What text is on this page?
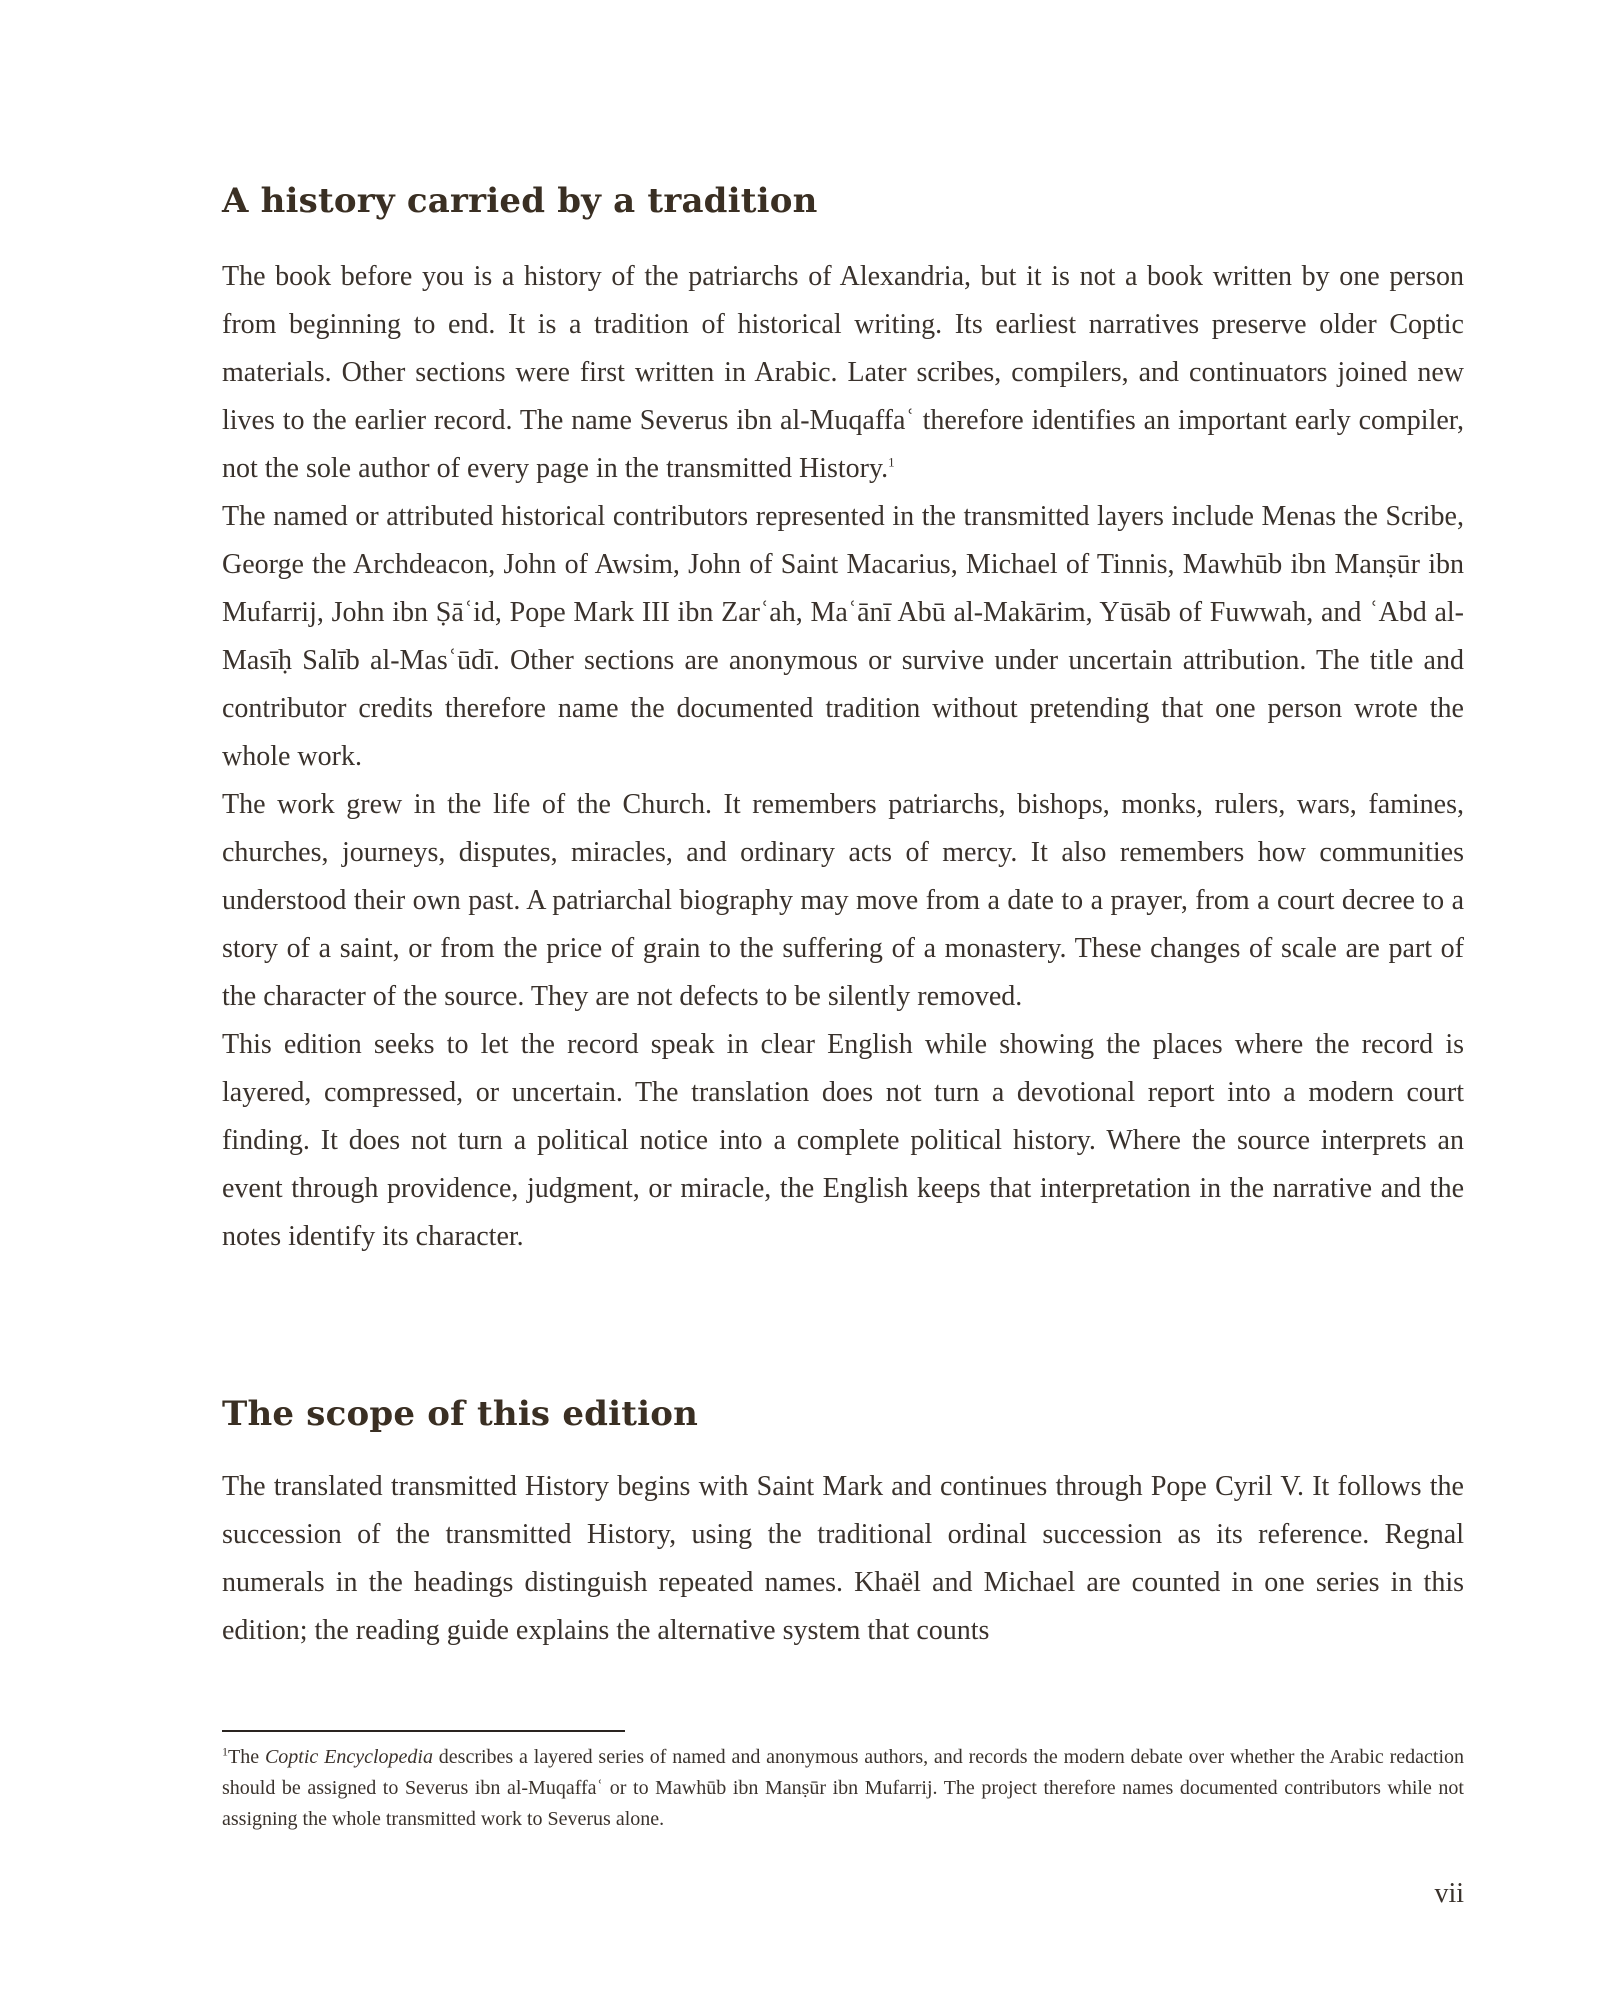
A history carried by a tradition

The book before you is a history of the patriarchs of Alexandria, but it is not a book written by one person from beginning to end. It is a tradition of historical writing. Its earliest narratives preserve older Coptic materials. Other sections were first written in Arabic. Later scribes, compilers, and continuators joined new lives to the earlier record. The name Severus ibn al-Muqaffaʿ therefore identifies an important early compiler, not the sole author of every page in the transmitted History.$^1$

The named or attributed historical contributors represented in the transmitted layers include Menas the Scribe, George the Archdeacon, John of Awsim, John of Saint Macarius, Michael of Tinnis, Mawhūb ibn Manṣūr ibn Mufarrij, John ibn Ṣāʿid, Pope Mark III ibn Zarʿah, Maʿānī Abū al-Makārim, Yūsāb of Fuwwah, and ʿAbd al-Masīḥ Salīb al-Masʿūdī. Other sections are anonymous or survive under uncertain attribution. The title and contributor credits therefore name the documented tradition without pretending that one person wrote the whole work.

The work grew in the life of the Church. It remembers patriarchs, bishops, monks, rulers, wars, famines, churches, journeys, disputes, miracles, and ordinary acts of mercy. It also remembers how communities understood their own past. A patriarchal biography may move from a date to a prayer, from a court decree to a story of a saint, or from the price of grain to the suffering of a monastery. These changes of scale are part of the character of the source. They are not defects to be silently removed.

This edition seeks to let the record speak in clear English while showing the places where the record is layered, compressed, or uncertain. The translation does not turn a devotional report into a modern court finding. It does not turn a political notice into a complete political history. Where the source interprets an event through providence, judgment, or miracle, the English keeps that interpretation in the narrative and the notes identify its character.

The scope of this edition

The translated transmitted History begins with Saint Mark and continues through Pope Cyril V. It follows the succession of the transmitted History, using the traditional ordinal succession as its reference. Regnal numerals in the headings distinguish repeated names. Khaël and Michael are counted in one series in this edition; the reading guide explains the alternative system that counts

$^1$The Coptic Encyclopedia describes a layered series of named and anonymous authors, and records the modern debate over whether the Arabic redaction should be assigned to Severus ibn al-Muqaffaʿ or to Mawhūb ibn Manṣūr ibn Mufarrij. The project therefore names documented contributors while not assigning the whole transmitted work to Severus alone.

vii
